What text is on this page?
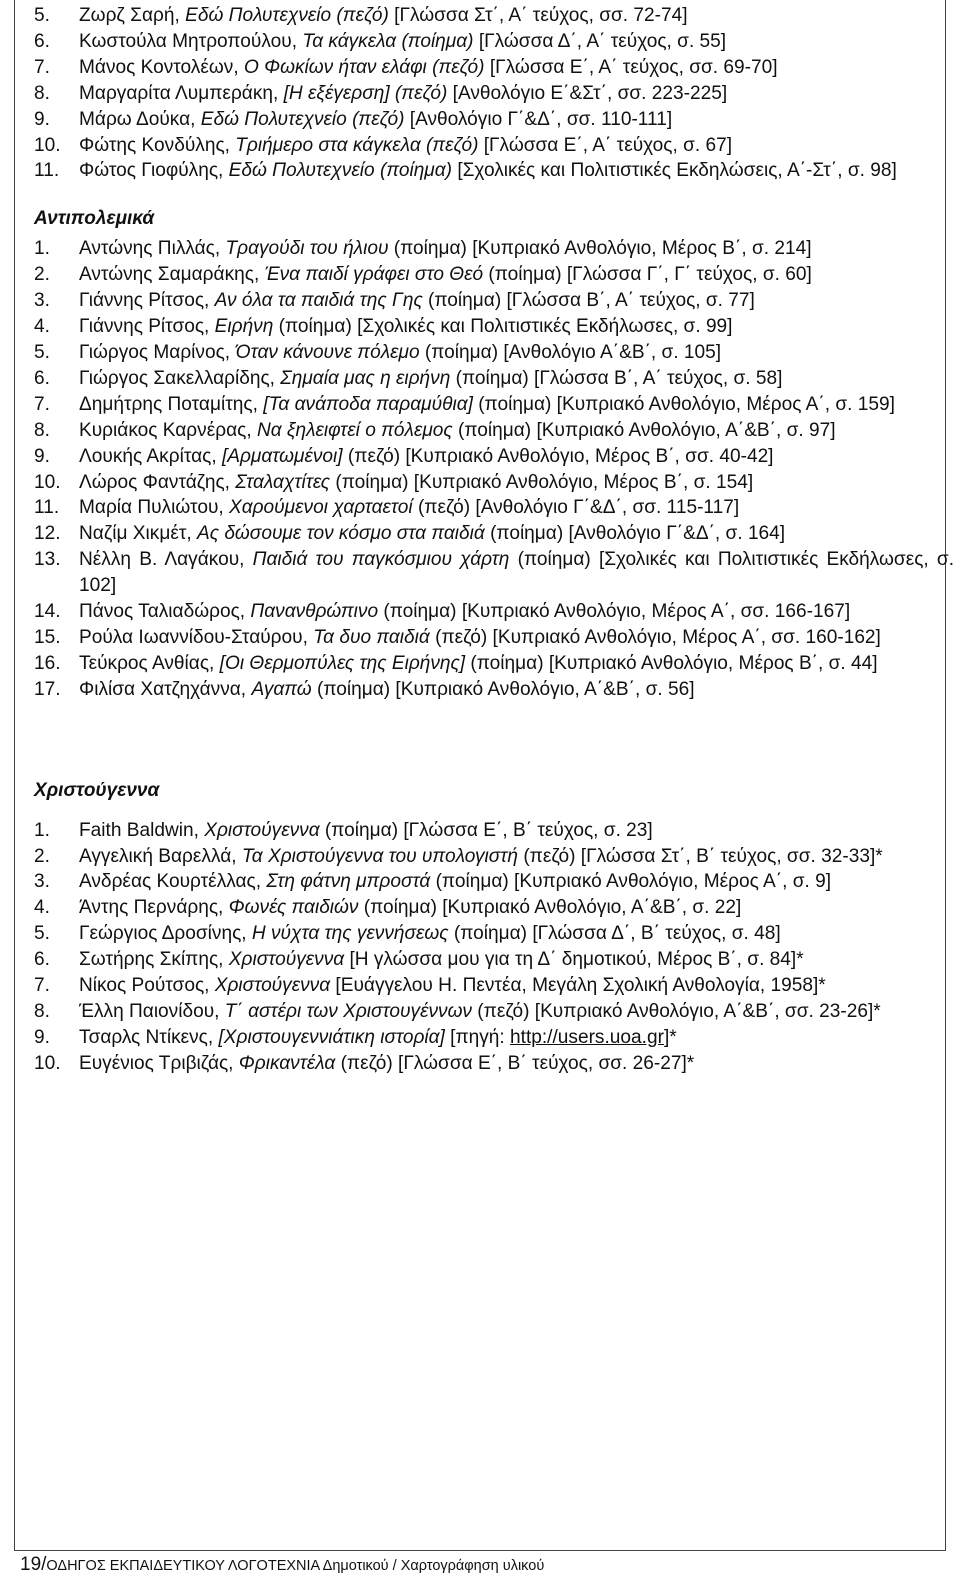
5.	Ζωρζ Σαρή, Εδώ Πολυτεχνείο (πεζό) [Γλώσσα Στ΄, Α΄ τεύχος, σσ. 72-74]
6.	Κωστούλα Μητροπούλου, Τα κάγκελα (ποίημα) [Γλώσσα Δ΄, Α΄ τεύχος, σ. 55]
7.	Μάνος Κοντολέων, Ο Φωκίων ήταν ελάφι (πεζό) [Γλώσσα Ε΄, Α΄ τεύχος, σσ. 69-70]
8.	Μαργαρίτα Λυμπεράκη, [Η εξέγερση] (πεζό) [Ανθολόγιο Ε΄&Στ΄, σσ. 223-225]
9.	Μάρω Δούκα, Εδώ Πολυτεχνείο (πεζό) [Ανθολόγιο Γ΄&Δ΄, σσ. 110-111]
10. Φώτης Κονδύλης, Τριήμερο στα κάγκελα (πεζό) [Γλώσσα Ε΄, Α΄ τεύχος, σ. 67]
11.	Φώτος Γιοφύλης, Εδώ Πολυτεχνείο (ποίημα) [Σχολικές και Πολιτιστικές Εκδηλώσεις, Α΄-Στ΄, σ. 98]
Αντιπολεμικά
1.	Αντώνης Πιλλάς, Τραγούδι του ήλιου (ποίημα) [Κυπριακό Ανθολόγιο, Μέρος Β΄, σ. 214]
2.	Αντώνης Σαμαράκης, Ένα παιδί γράφει στο Θεό (ποίημα) [Γλώσσα Γ΄, Γ΄ τεύχος, σ. 60]
3.	Γιάννης Ρίτσος, Αν όλα τα παιδιά της Γης (ποίημα) [Γλώσσα Β΄, Α΄ τεύχος, σ. 77]
4.	Γιάννης Ρίτσος, Ειρήνη (ποίημα) [Σχολικές και Πολιτιστικές Εκδήλωσες, σ. 99]
5.	Γιώργος Μαρίνος, Όταν κάνουνε πόλεμο (ποίημα) [Ανθολόγιο Α΄&Β΄, σ. 105]
6.	Γιώργος Σακελλαρίδης, Σημαία μας η ειρήνη (ποίημα) [Γλώσσα Β΄, Α΄ τεύχος, σ. 58]
7.	Δημήτρης Ποταμίτης, [Τα ανάποδα παραμύθια] (ποίημα) [Κυπριακό Ανθολόγιο, Μέρος Α΄, σ. 159]
8.	Κυριάκος Καρνέρας, Να ξηλειφτεί ο πόλεμος (ποίημα) [Κυπριακό Ανθολόγιο, Α΄&Β΄, σ. 97]
9.	Λουκής Ακρίτας, [Αρματωμένοι] (πεζό) [Κυπριακό Ανθολόγιο, Μέρος Β΄, σσ. 40-42]
10. Λώρος Φαντάζης, Σταλαχτίτες (ποίημα) [Κυπριακό Ανθολόγιο, Μέρος Β΄, σ. 154]
11.	Μαρία Πυλιώτου, Χαρούμενοι χαρταετοί (πεζό) [Ανθολόγιο Γ΄&Δ΄, σσ. 115-117]
12. Ναζίμ Χικμέτ, Ας δώσουμε τον κόσμο στα παιδιά (ποίημα) [Ανθολόγιο Γ΄&Δ΄, σ. 164]
13. Νέλλη Β. Λαγάκου, Παιδιά του παγκόσμιου χάρτη (ποίημα) [Σχολικές και Πολιτιστικές Εκδήλωσες, σ. 102]
14. Πάνος Ταλιαδώρος, Πανανθρώπινο (ποίημα) [Κυπριακό Ανθολόγιο, Μέρος Α΄, σσ. 166-167]
15. Ρούλα Ιωαννίδου-Σταύρου, Τα δυο παιδιά (πεζό) [Κυπριακό Ανθολόγιο, Μέρος Α΄, σσ. 160-162]
16. Τεύκρος Ανθίας, [Οι Θερμοπύλες της Ειρήνης] (ποίημα) [Κυπριακό Ανθολόγιο, Μέρος Β΄, σ. 44]
17. Φιλίσα Χατζηχάννα, Αγαπώ (ποίημα) [Κυπριακό Ανθολόγιο, Α΄&Β΄, σ. 56]
Χριστούγεννα
1.	Faith Baldwin, Χριστούγεννα (ποίημα) [Γλώσσα Ε΄, Β΄ τεύχος, σ. 23]
2.	Αγγελική Βαρελλά, Τα Χριστούγεννα του υπολογιστή (πεζό) [Γλώσσα Στ΄, Β΄ τεύχος, σσ. 32-33]*
3.	Ανδρέας Κουρτέλλας, Στη φάτνη μπροστά (ποίημα) [Κυπριακό Ανθολόγιο, Μέρος Α΄, σ. 9]
4.	Άντης Περνάρης, Φωνές παιδιών (ποίημα) [Κυπριακό Ανθολόγιο, Α΄&Β΄, σ. 22]
5.	Γεώργιος Δροσίνης, Η νύχτα της γεννήσεως (ποίημα) [Γλώσσα Δ΄, Β΄ τεύχος, σ. 48]
6.	Σωτήρης Σκίπης, Χριστούγεννα [Η γλώσσα μου για τη Δ΄ δημοτικού, Μέρος Β΄, σ. 84]*
7.	Νίκος Ρούτσος, Χριστούγεννα [Ευάγγελου Η. Πεντέα, Μεγάλη Σχολική Ανθολογία, 1958]*
8.	Έλλη Παιονίδου, Τ΄ αστέρι των Χριστουγέννων (πεζό) [Κυπριακό Ανθολόγιο, Α΄&Β΄, σσ. 23-26]*
9.	Τσαρλς Ντίκενς, [Χριστουγεννιάτικη ιστορία] [πηγή: http://users.uoa.gr]*
10. Ευγένιος Τριβιζάς, Φρικαντέλα (πεζό) [Γλώσσα Ε΄, Β΄ τεύχος, σσ. 26-27]*
19/ΟΔΗΓΟΣ ΕΚΠΑΙΔΕΥΤΙΚΟΥ ΛΟΓΟΤΕΧΝΙΑ Δημοτικού / Χαρτογράφηση υλικού
